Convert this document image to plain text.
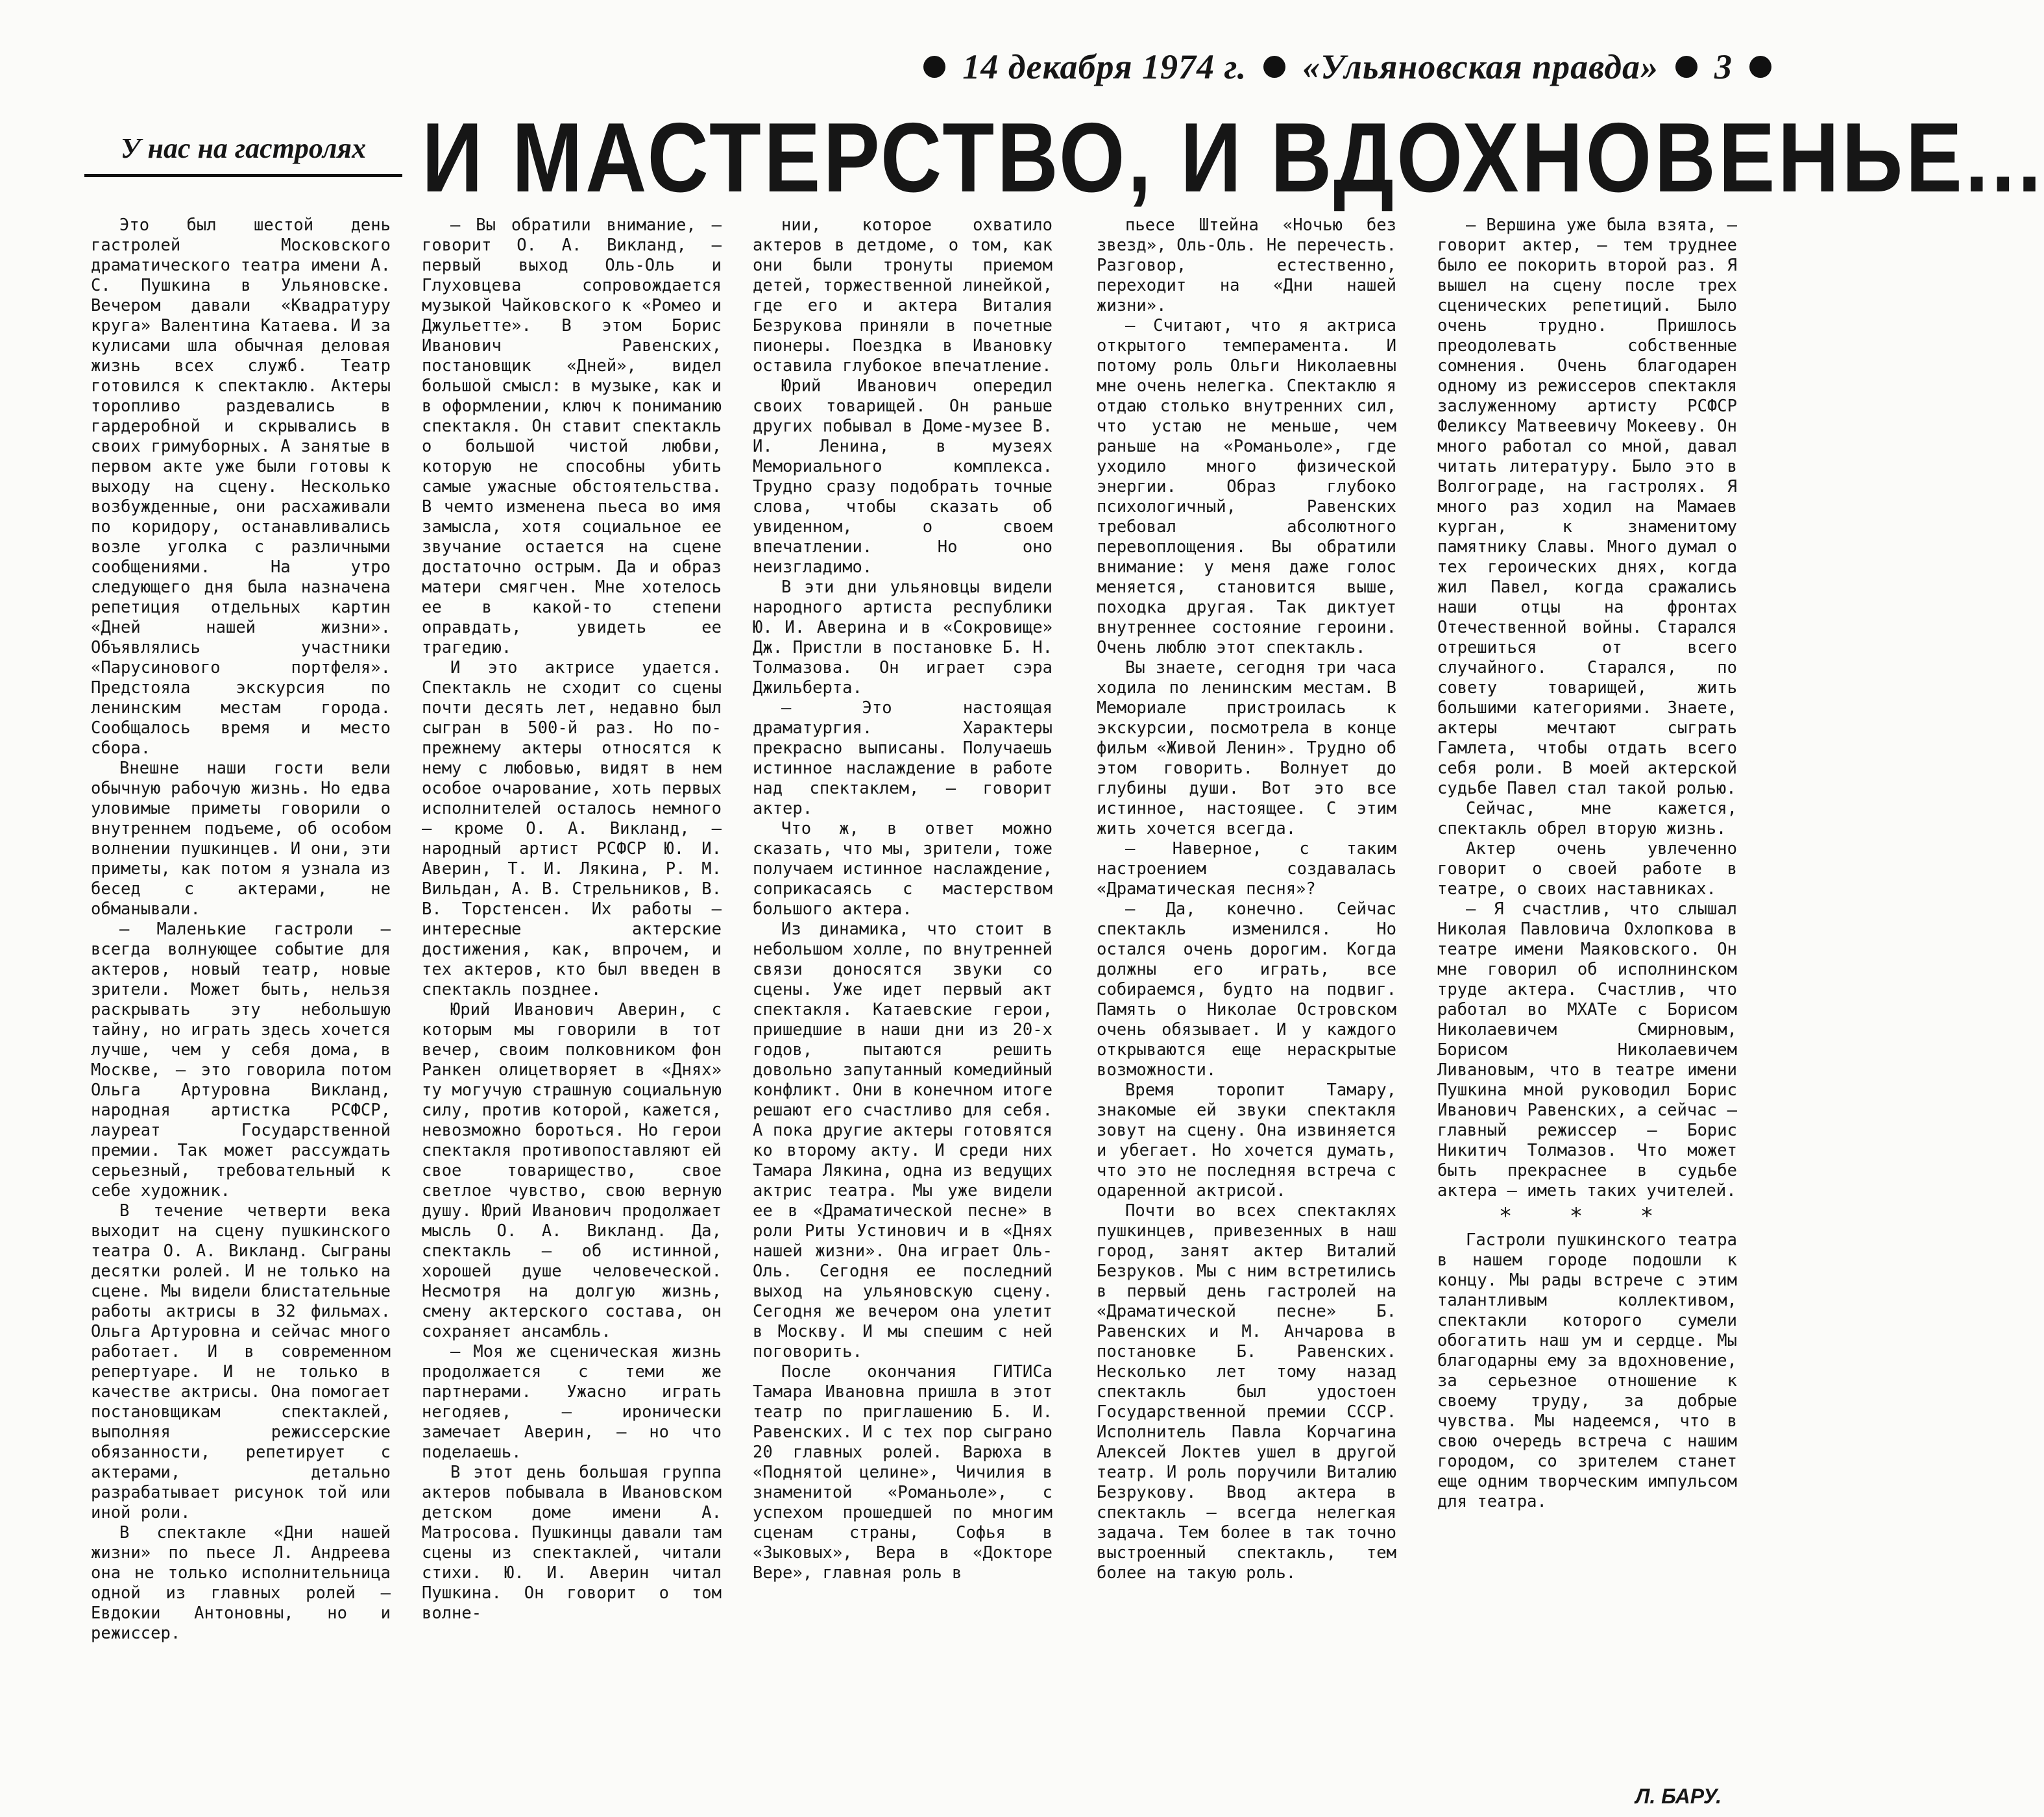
14 декабря 1974 г. «Ульяновская правда» 3
У нас на гастролях И МАСТЕРСТВО, И ВДОХНОВЕНЬЕ...

Это был шестой день гастролей Московского драматического театра имени А. С. Пушкина в Ульяновске. Вечером давали «Квадратуру круга» Валентина Катаева. И за кулисами шла обычная деловая жизнь всех служб. Театр готовился к спектаклю. Актеры торопливо раздевались в гардеробной и скрывались в своих гримуборных. А занятые в первом акте уже были готовы к выходу на сцену. Несколько возбужденные, они расхаживали по коридору, останавливались возле уголка с различными сообщениями. На утро следующего дня была назначена репетиция отдельных картин «Дней нашей жизни». Объявлялись участники «Парусинового портфеля». Предстояла экскурсия по ленинским местам города. Сообщалось время и место сбора.

Внешне наши гости вели обычную рабочую жизнь. Но едва уловимые приметы говорили о внутреннем подъеме, об особом волнении пушкинцев. И они, эти приметы, как потом я узнала из бесед с актерами, не обманывали.

— Маленькие гастроли — всегда волнующее событие для актеров, новый театр, новые зрители. Может быть, нельзя раскрывать эту небольшую тайну, но играть здесь хочется лучше, чем у себя дома, в Москве, — это говорила потом Ольга Артуровна Викланд, народная артистка РСФСР, лауреат Государственной премии. Так может рассуждать серьезный, требовательный к себе художник.

В течение четверти века выходит на сцену пушкинского театра О. А. Викланд. Сыграны десятки ролей. И не только на сцене. Мы видели блистательные работы актрисы в 32 фильмах. Ольга Артуровна и сейчас много работает. И в современном репертуаре. И не только в качестве актрисы. Она помогает постановщикам спектаклей, выполняя режиссерские обязанности, репетирует с актерами, детально разрабатывает рисунок той или иной роли.

В спектакле «Дни нашей жизни» по пьесе Л. Андреева она не только исполнительница одной из главных ролей — Евдокии Антоновны, но и режиссер.

— Вы обратили внимание, — говорит О. А. Викланд, — первый выход Оль-Оль и Глуховцева сопровождается музыкой Чайковского к «Ромео и Джульетте». В этом Борис Иванович Равенских, постановщик «Дней», видел большой смысл: в музыке, как и в оформлении, ключ к пониманию спектакля. Он ставит спектакль о большой чистой любви, которую не способны убить самые ужасные обстоятельства. В чемто изменена пьеса во имя замысла, хотя социальное ее звучание остается на сцене достаточно острым. Да и образ матери смягчен. Мне хотелось ее в какой-то степени оправдать, увидеть ее трагедию.

И это актрисе удается. Спектакль не сходит со сцены почти десять лет, недавно был сыгран в 500-й раз. Но по-прежнему актеры относятся к нему с любовью, видят в нем особое очарование, хоть первых исполнителей осталось немного — кроме О. А. Викланд, — народный артист РСФСР Ю. И. Аверин, Т. И. Лякина, Р. М. Вильдан, А. В. Стрельников, В. В. Торстенсен. Их работы — интересные актерские достижения, как, впрочем, и тех актеров, кто был введен в спектакль позднее.

Юрий Иванович Аверин, с которым мы говорили в тот вечер, своим полковником фон Ранкен олицетворяет в «Днях» ту могучую страшную социальную силу, против которой, кажется, невозможно бороться. Но герои спектакля противопоставляют ей свое товарищество, свое светлое чувство, свою верную душу. Юрий Иванович продолжает мысль О. А. Викланд. Да, спектакль — об истинной, хорошей душе человеческой. Несмотря на долгую жизнь, смену актерского состава, он сохраняет ансамбль.

— Моя же сценическая жизнь продолжается с теми же партнерами. Ужасно играть негодяев, — иронически замечает Аверин, — но что поделаешь.

В этот день большая группа актеров побывала в Ивановском детском доме имени А. Матросова. Пушкинцы давали там сцены из спектаклей, читали стихи. Ю. И. Аверин читал Пушкина. Он говорит о том волне-

нии, которое охватило актеров в детдоме, о том, как они были тронуты приемом детей, торжественной линейкой, где его и актера Виталия Безрукова приняли в почетные пионеры. Поездка в Ивановку оставила глубокое впечатление.

Юрий Иванович опередил своих товарищей. Он раньше других побывал в Доме-музее В. И. Ленина, в музеях Мемориального комплекса. Трудно сразу подобрать точные слова, чтобы сказать об увиденном, о своем впечатлении. Но оно неизгладимо.

В эти дни ульяновцы видели народного артиста республики Ю. И. Аверина и в «Сокровище» Дж. Пристли в постановке Б. Н. Толмазова. Он играет сэра Джильберта.

— Это настоящая драматургия. Характеры прекрасно выписаны. Получаешь истинное наслаждение в работе над спектаклем, — говорит актер.

Что ж, в ответ можно сказать, что мы, зрители, тоже получаем истинное наслаждение, соприкасаясь с мастерством большого актера.

Из динамика, что стоит в небольшом холле, по внутренней связи доносятся звуки со сцены. Уже идет первый акт спектакля. Катаевские герои, пришедшие в наши дни из 20-х годов, пытаются решить довольно запутанный комедийный конфликт. Они в конечном итоге решают его счастливо для себя. А пока другие актеры готовятся ко второму акту. И среди них Тамара Лякина, одна из ведущих актрис театра. Мы уже видели ее в «Драматической песне» в роли Риты Устинович и в «Днях нашей жизни». Она играет Оль-Оль. Сегодня ее последний выход на ульяновскую сцену. Сегодня же вечером она улетит в Москву. И мы спешим с ней поговорить.

После окончания ГИТИСа Тамара Ивановна пришла в этот театр по приглашению Б. И. Равенских. И с тех пор сыграно 20 главных ролей. Варюха в «Поднятой целине», Чичилия в знаменитой «Романьоле», с успехом прошедшей по многим сценам страны, Софья в «Зыковых», Вера в «Докторе Вере», главная роль в

пьесе Штейна «Ночью без звезд», Оль-Оль. Не перечесть. Разговор, естественно, переходит на «Дни нашей жизни».

— Считают, что я актриса открытого темперамента. И потому роль Ольги Николаевны мне очень нелегка. Спектаклю я отдаю столько внутренних сил, что устаю не меньше, чем раньше на «Романьоле», где уходило много физической энергии. Образ глубоко психологичный, Равенских требовал абсолютного перевоплощения. Вы обратили внимание: у меня даже голос меняется, становится выше, походка другая. Так диктует внутреннее состояние героини. Очень люблю этот спектакль.

Вы знаете, сегодня три часа ходила по ленинским местам. В Мемориале пристроилась к экскурсии, посмотрела в конце фильм «Живой Ленин». Трудно об этом говорить. Волнует до глубины души. Вот это все истинное, настоящее. С этим жить хочется всегда.

— Наверное, с таким настроением создавалась «Драматическая песня»?

— Да, конечно. Сейчас спектакль изменился. Но остался очень дорогим. Когда должны его играть, все собираемся, будто на подвиг. Память о Николае Островском очень обязывает. И у каждого открываются еще нераскрытые возможности.

Время торопит Тамару, знакомые ей звуки спектакля зовут на сцену. Она извиняется и убегает. Но хочется думать, что это не последняя встреча с одаренной актрисой.

Почти во всех спектаклях пушкинцев, привезенных в наш город, занят актер Виталий Безруков. Мы с ним встретились в первый день гастролей на «Драматической песне» Б. Равенских и М. Анчарова в постановке Б. Равенских. Несколько лет тому назад спектакль был удостоен Государственной премии СССР. Исполнитель Павла Корчагина Алексей Локтев ушел в другой театр. И роль поручили Виталию Безрукову. Ввод актера в спектакль — всегда нелегкая задача. Тем более в так точно выстроенный спектакль, тем более на такую роль.

— Вершина уже была взята, — говорит актер, — тем труднее было ее покорить второй раз. Я вышел на сцену после трех сценических репетиций. Было очень трудно. Пришлось преодолевать собственные сомнения. Очень благодарен одному из режиссеров спектакля заслуженному артисту РСФСР Феликсу Матвеевичу Мокееву. Он много работал со мной, давал читать литературу. Было это в Волгограде, на гастролях. Я много раз ходил на Мамаев курган, к знаменитому памятнику Славы. Много думал о тех героических днях, когда жил Павел, когда сражались наши отцы на фронтах Отечественной войны. Старался отрешиться от всего случайного. Старался, по совету товарищей, жить большими категориями. Знаете, актеры мечтают сыграть Гамлета, чтобы отдать всего себя роли. В моей актерской судьбе Павел стал такой ролью.

Сейчас, мне кажется, спектакль обрел вторую жизнь.

Актер очень увлеченно говорит о своей работе в театре, о своих наставниках.

— Я счастлив, что слышал Николая Павловича Охлопкова в театре имени Маяковского. Он мне говорил об исполнинском труде актера. Счастлив, что работал во МХАТе с Борисом Николаевичем Смирновым, Борисом Николаевичем Ливановым, что в театре имени Пушкина мной руководил Борис Иванович Равенских, а сейчас — главный режиссер — Борис Никитич Толмазов. Что может быть прекраснее в судьбе актера — иметь таких учителей.

* * *

Гастроли пушкинского театра в нашем городе подошли к концу. Мы рады встрече с этим талантливым коллективом, спектакли которого сумели обогатить наш ум и сердце. Мы благодарны ему за вдохновение, за серьезное отношение к своему труду, за добрые чувства. Мы надеемся, что в свою очередь встреча с нашим городом, со зрителем станет еще одним творческим импульсом для театра.

Л. БАРУ.
